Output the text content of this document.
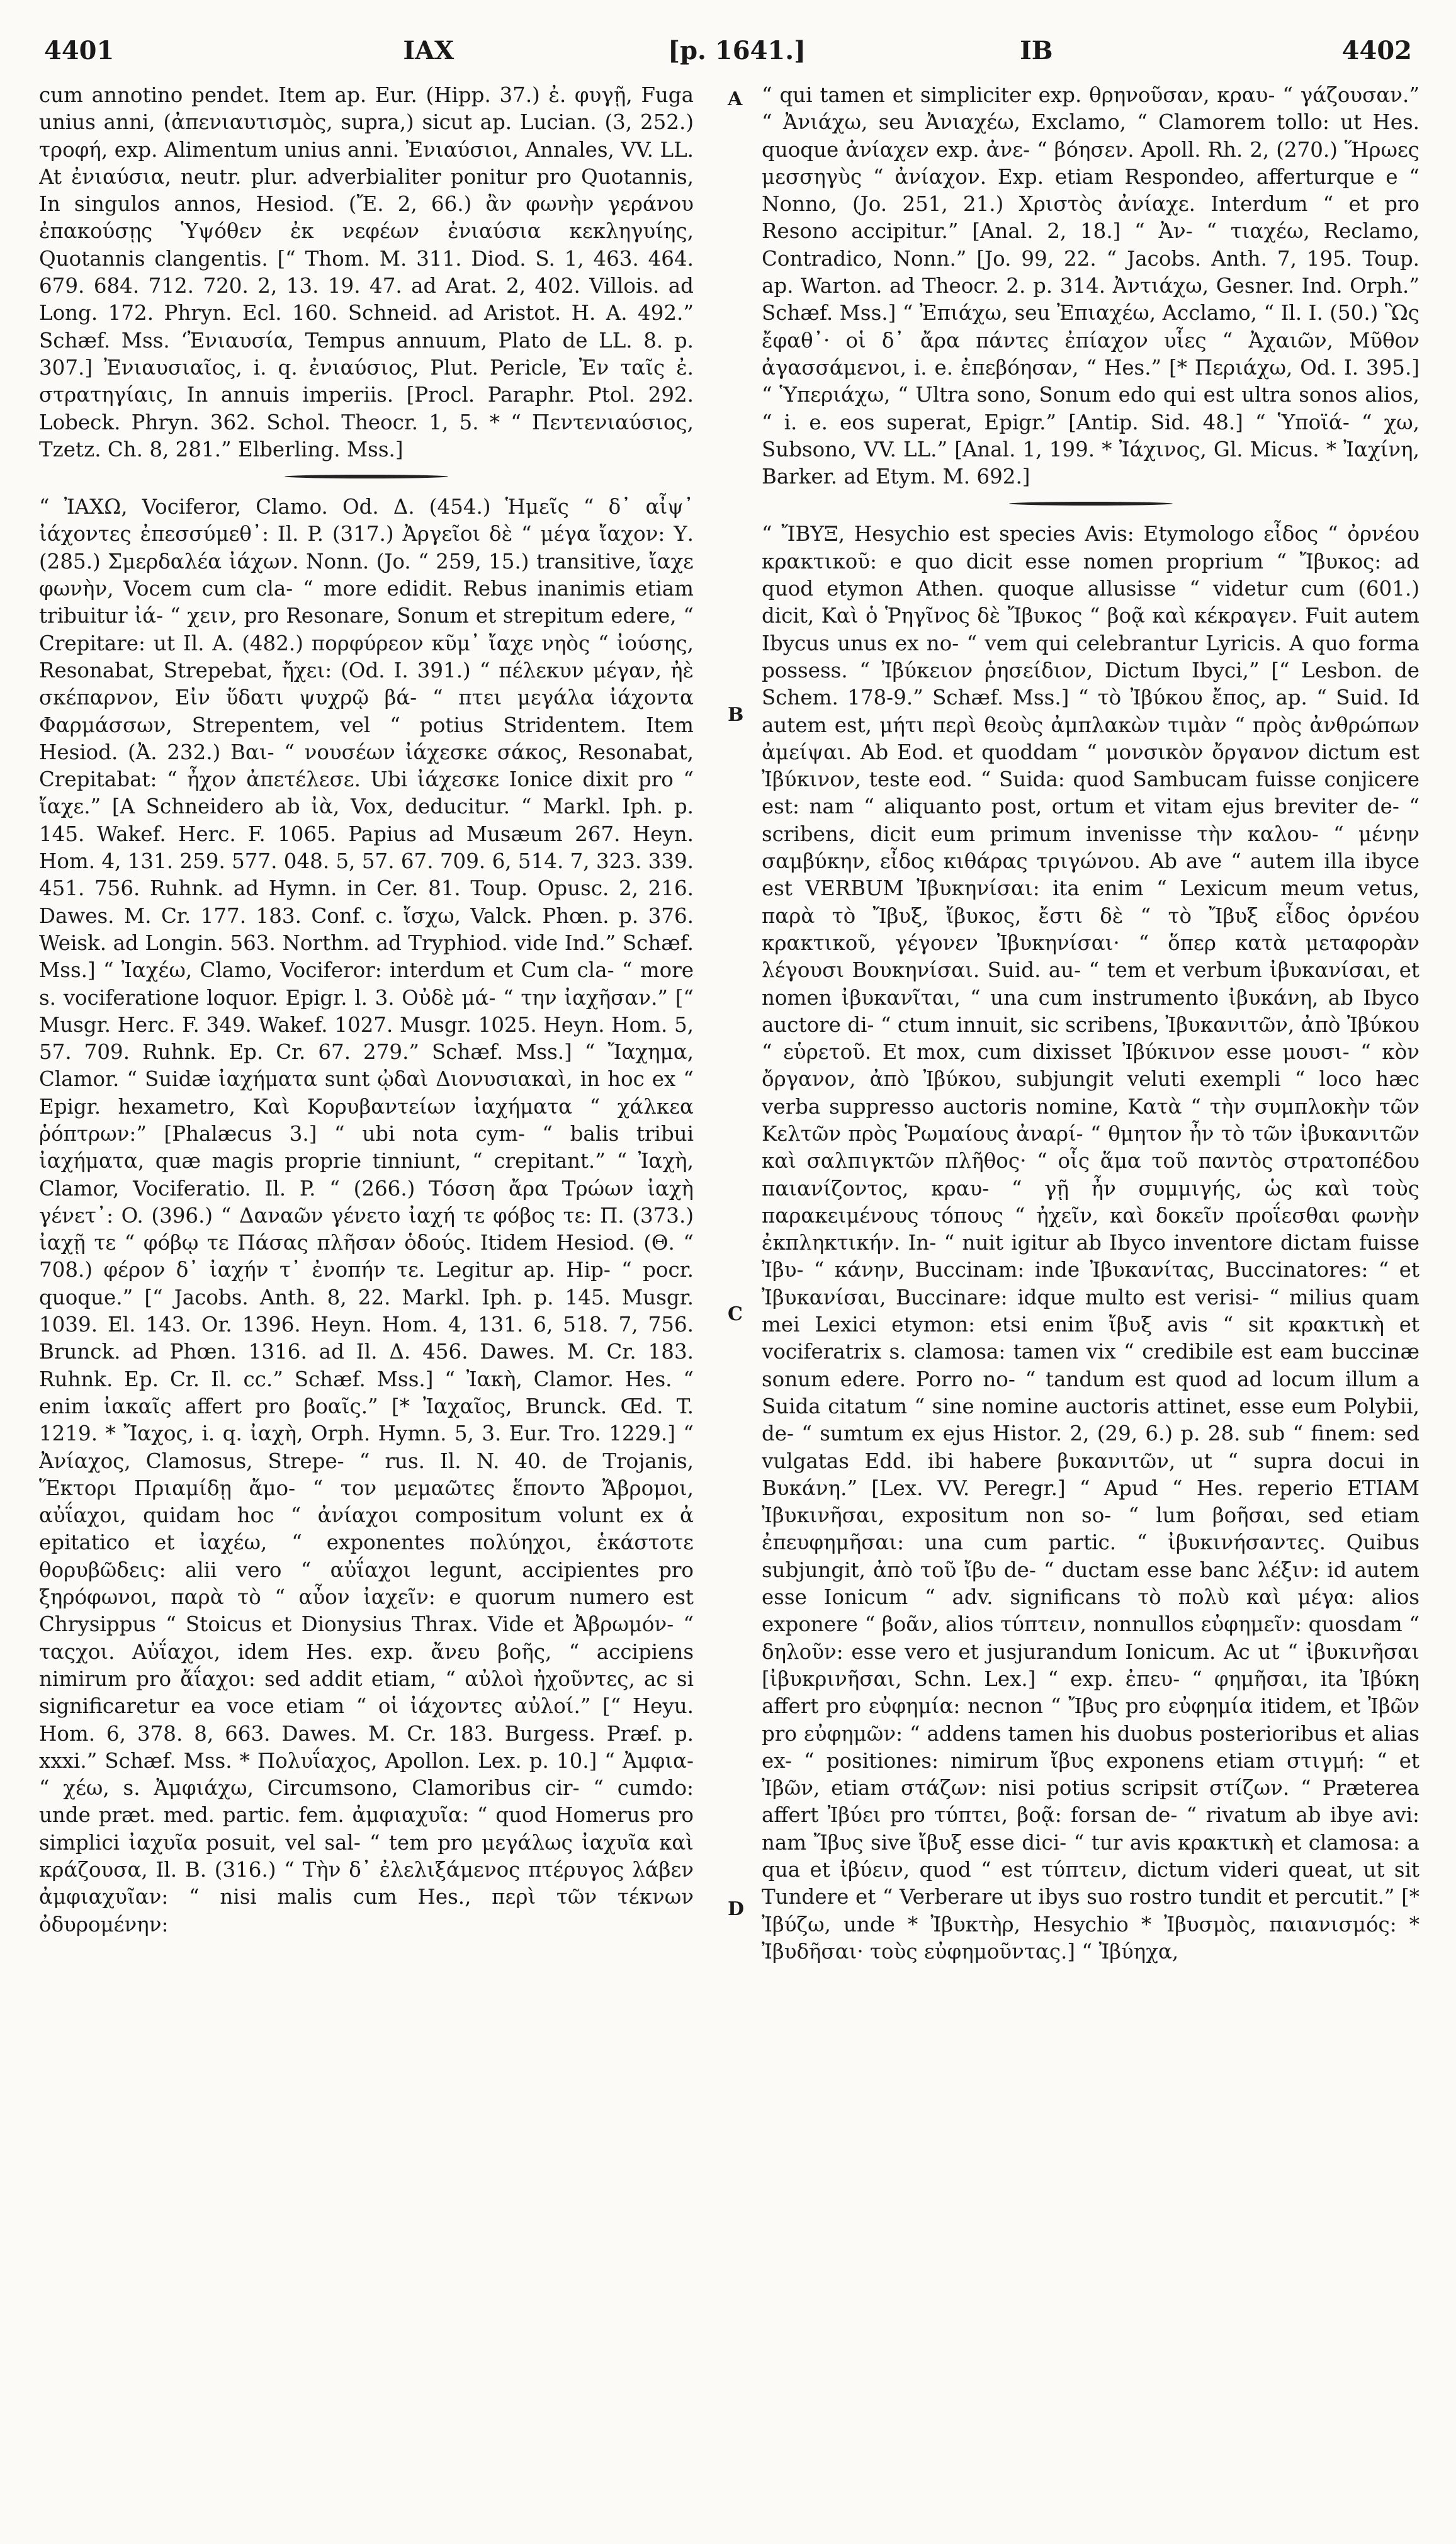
4401	IAX	[p. 1641.]	IB	4402

cum annotino pendet. Item ap. Eur. (Hipp. 37.) ἐ. φυγῇ, Fuga unius anni, (ἀπενιαυτισμὸς, supra,) sicut ap. Lucian. (3, 252.) τροφή, exp. Alimentum unius anni. Ἐνιαύσιοι, Annales, VV. LL. At ἐνιαύσια, neutr. plur. adverbialiter ponitur pro Quotannis, In singulos annos, Hesiod. (Ἔ. 2, 66.) ἂν φωνὴν γεράνου ἐπακούσῃς Ὑψόθεν ἐκ νεφέων ἐνιαύσια κεκληγυίης, Quotannis clangentis. [“ Thom. M. 311. Diod. S. 1, 463. 464. 679. 684. 712. 720. 2, 13. 19. 47. ad Arat. 2, 402. Villois. ad Long. 172. Phryn. Ecl. 160. Schneid. ad Aristot. H. A. 492.” Schæf. Mss. ‘Ἐνιαυσία, Tempus annuum, Plato de LL. 8. p. 307.] Ἐνιαυσιαῖος, i. q. ἐνιαύσιος, Plut. Pericle, Ἐν ταῖς ἐ. στρατηγίαις, In annuis imperiis. [Procl. Paraphr. Ptol. 292. Lobeck. Phryn. 362. Schol. Theocr. 1, 5. * “ Πεντενιαύσιος, Tzetz. Ch. 8, 281.” Elberling. Mss.]

“ ἸΑΧΩ, Vociferor, Clamo. Od. Δ. (454.) Ἡμεῖς “ δ᾽ αἶψ᾽ ἰάχοντες ἐπεσσύμεθ᾽: Il. P. (317.) Ἀργεῖοι δὲ “ μέγα ἴαχον: Υ. (285.) Σμερδαλέα ἰάχων. Nonn. (Jo. “ 259, 15.) transitive, ἴαχε φωνὴν, Vocem cum cla- “ more edidit. Rebus inanimis etiam tribuitur ἰά- “ χειν, pro Resonare, Sonum et strepitum edere, “ Crepitare: ut Il. A. (482.) πορφύρεον κῦμ᾽ ἴαχε νηὸς “ ἰούσης, Resonabat, Strepebat, ἤχει: (Od. I. 391.) “ πέλεκυν μέγαν, ἠὲ σκέπαρνον, Εἰν ὕδατι ψυχρῷ βά- “ πτει μεγάλα ἰάχοντα Φαρμάσσων, Strepentem, vel “ potius Stridentem. Item Hesiod. (Ἀ. 232.) Βαι- “ νουσέων ἰάχεσκε σάκος, Resonabat, Crepitabat: “ ἦχον ἀπετέλεσε. Ubi ἰάχεσκε Ionice dixit pro “ ἴαχε.” [A Schneidero ab ἰὰ, Vox, deducitur. “ Markl. Iph. p. 145. Wakef. Herc. F. 1065. Papius ad Musæum 267. Heyn. Hom. 4, 131. 259. 577. 048. 5, 57. 67. 709. 6, 514. 7, 323. 339. 451. 756. Ruhnk. ad Hymn. in Cer. 81. Toup. Opusc. 2, 216. Dawes. M. Cr. 177. 183. Conf. c. ἴσχω, Valck. Phœn. p. 376. Weisk. ad Longin. 563. Northm. ad Tryphiod. vide Ind.” Schæf. Mss.] “ Ἰαχέω, Clamo, Vociferor: interdum et Cum cla- “ more s. vociferatione loquor. Epigr. l. 3. Οὐδὲ μά- “ την ἰαχῆσαν.” [“ Musgr. Herc. F. 349. Wakef. 1027. Musgr. 1025. Heyn. Hom. 5, 57. 709. Ruhnk. Ep. Cr. 67. 279.” Schæf. Mss.] “ Ἴαχημα, Clamor. “ Suidæ ἰαχήματα sunt ᾠδαὶ Διονυσιακαὶ, in hoc ex “ Epigr. hexametro, Καὶ Κορυβαντείων ἰαχήματα “ χάλκεα ῥόπτρων:” [Phalæcus 3.] “ ubi nota cym- “ balis tribui ἰαχήματα, quæ magis proprie tinniunt, “ crepitant.” “ Ἰαχὴ, Clamor, Vociferatio. Il. P. “ (266.) Τόσση ἄρα Τρώων ἰαχὴ γένετ᾽: O. (396.) “ Δαναῶν γένετο ἰαχή τε φόβος τε: Π. (373.) ἰαχῇ τε “ φόβῳ τε Πάσας πλῆσαν ὁδούς. Itidem Hesiod. (Θ. “ 708.) φέρον δ᾽ ἰαχήν τ᾽ ἐνοπήν τε. Legitur ap. Hip- “ pocr. quoque.” [“ Jacobs. Anth. 8, 22. Markl. Iph. p. 145. Musgr. 1039. El. 143. Or. 1396. Heyn. Hom. 4, 131. 6, 518. 7, 756. Brunck. ad Phœn. 1316. ad Il. Δ. 456. Dawes. M. Cr. 183. Ruhnk. Ep. Cr. Il. cc.” Schæf. Mss.] “ Ἰακὴ, Clamor. Hes. “ enim ἰακαῖς affert pro βοαῖς.” [* Ἰαχαῖος, Brunck. Œd. T. 1219. * Ἴαχος, i. q. ἰαχὴ, Orph. Hymn. 5, 3. Eur. Tro. 1229.] “ Ἀνίαχος, Clamosus, Strepe- “ rus. Il. N. 40. de Trojanis, Ἕκτορι Πριαμίδῃ ἄμο- “ τον μεμαῶτες ἕποντο Ἄβρομοι, αὐΐαχοι, quidam hoc “ ἀνίαχοι compositum volunt ex ἀ epitatico et ἰαχέω, “ exponentes πολύηχοι, ἑκάστοτε θορυβῶδεις: alii vero “ αὐΐαχοι legunt, accipientes pro ξηρόφωνοι, παρὰ τὸ “ αὖον ἰαχεῖν: e quorum numero est Chrysippus “ Stoicus et Dionysius Thrax. Vide et Ἀβρωμόν- “ ταςχοι. Αὐΐαχοι, idem Hes. exp. ἄνευ βοῆς, “ accipiens nimirum pro ἄΐαχοι: sed addit etiam, “ αὐλοὶ ἠχοῦντες, ac si significaretur ea voce etiam “ οἱ ἰάχοντες αὐλοί.” [“ Heyu. Hom. 6, 378. 8, 663. Dawes. M. Cr. 183. Burgess. Præf. p. xxxi.” Schæf. Mss. * Πολυΐαχος, Apollon. Lex. p. 10.] “ Ἀμφια- “ χέω, s. Ἀμφιάχω, Circumsono, Clamoribus cir- “ cumdo: unde præt. med. partic. fem. ἀμφιαχυῖα: “ quod Homerus pro simplici ἰαχυῖα posuit, vel sal- “ tem pro μεγάλως ἰαχυῖα καὶ κράζουσα, Il. B. (316.) “ Τὴν δ᾽ ἐλελιξάμενος πτέρυγος λάβεν ἀμφιαχυῖαν: “ nisi malis cum Hes., περὶ τῶν τέκνων ὀδυρομένην:

A
B
C
D

“ qui tamen et simpliciter exp. θρηνοῦσαν, κραυ- “ γάζουσαν.” “ Ἀνιάχω, seu Ἀνιαχέω, Exclamo, “ Clamorem tollo: ut Hes. quoque ἀνίαχεν exp. ἀνε- “ βόησεν. Apoll. Rh. 2, (270.) Ἥρωες μεσσηγὺς “ ἀνίαχον. Exp. etiam Respondeo, afferturque e “ Nonno, (Jo. 251, 21.) Χριστὸς ἀνίαχε. Interdum “ et pro Resono accipitur.” [Anal. 2, 18.] “ Ἀν- “ τιαχέω, Reclamo, Contradico, Nonn.” [Jo. 99, 22. “ Jacobs. Anth. 7, 195. Toup. ap. Warton. ad Theocr. 2. p. 314. Ἀντιάχω, Gesner. Ind. Orph.” Schæf. Mss.] “ Ἐπιάχω, seu Ἐπιαχέω, Acclamo, “ Il. I. (50.) Ὣς ἔφαθ᾽· οἱ δ᾽ ἄρα πάντες ἐπίαχον υἷες “ Ἀχαιῶν, Μῦθον ἀγασσάμενοι, i. e. ἐπεβόησαν, “ Hes.” [* Περιάχω, Od. I. 395.] “ Ὑπεριάχω, “ Ultra sono, Sonum edo qui est ultra sonos alios, “ i. e. eos superat, Epigr.” [Antip. Sid. 48.] “ Ὑποϊά- “ χω, Subsono, VV. LL.” [Anal. 1, 199. * Ἰάχινος, Gl. Micus. * Ἰαχίνη, Barker. ad Etym. M. 692.]

“ ἼΒΥΞ, Hesychio est species Avis: Etymologo εἶδος “ ὀρνέου κρακτικοῦ: e quo dicit esse nomen proprium “ Ἴβυκος: ad quod etymon Athen. quoque allusisse “ videtur cum (601.) dicit, Καὶ ὁ Ῥηγῖνος δὲ Ἴβυκος “ βοᾷ καὶ κέκραγεν. Fuit autem Ibycus unus ex no- “ vem qui celebrantur Lyricis. A quo forma possess. “ Ἰβύκειον ῥησείδιον, Dictum Ibyci,” [“ Lesbon. de Schem. 178-9.” Schæf. Mss.] “ τὸ Ἰβύκου ἔπος, ap. “ Suid. Id autem est, μήτι περὶ θεοὺς ἀμπλακὼν τιμὰν “ πρὸς ἀνθρώπων ἀμείψαι. Ab Eod. et quoddam “ μονσικὸν ὄργανον dictum est Ἰβύκινον, teste eod. “ Suida: quod Sambucam fuisse conjicere est: nam “ aliquanto post, ortum et vitam ejus breviter de- “ scribens, dicit eum primum invenisse τὴν καλου- “ μένην σαμβύκην, εἶδος κιθάρας τριγώνου. Ab ave “ autem illa ibyce est VERBUM Ἰβυκηνίσαι: ita enim “ Lexicum meum vetus, παρὰ τὸ Ἴβυξ, ἴβυκος, ἔστι δὲ “ τὸ Ἴβυξ εἶδος ὀρνέου κρακτικοῦ, γέγονεν Ἰβυκηνίσαι· “ ὅπερ κατὰ μεταφορὰν λέγουσι Βουκηνίσαι. Suid. au- “ tem et verbum ἰβυκανίσαι, et nomen ἰβυκανῖται, “ una cum instrumento ἰβυκάνη, ab Ibyco auctore di- “ ctum innuit, sic scribens, Ἰβυκανιτῶν, ἀπὸ Ἰβύκου “ εὑρετοῦ. Et mox, cum dixisset Ἰβύκινον esse μουσι- “ κὸν ὄργανον, ἀπὸ Ἰβύκου, subjungit veluti exempli “ loco hæc verba suppresso auctoris nomine, Κατὰ “ τὴν συμπλοκὴν τῶν Κελτῶν πρὸς Ῥωμαίους ἀναρί- “ θμητον ἦν τὸ τῶν ἰβυκανιτῶν καὶ σαλπιγκτῶν πλῆθος· “ οἷς ἅμα τοῦ παντὸς στρατοπέδου παιανίζοντος, κραυ- “ γῇ ἦν συμμιγής, ὡς καὶ τοὺς παρακειμένους τόπους “ ἠχεῖν, καὶ δοκεῖν προΐεσθαι φωνὴν ἐκπληκτικήν. In- “ nuit igitur ab Ibyco inventore dictam fuisse Ἰβυ- “ κάνην, Buccinam: inde Ἰβυκανίτας, Buccinatores: “ et Ἰβυκανίσαι, Buccinare: idque multo est verisi- “ milius quam mei Lexici etymon: etsi enim ἴβυξ avis “ sit κρακτικὴ et vociferatrix s. clamosa: tamen vix “ credibile est eam buccinæ sonum edere. Porro no- “ tandum est quod ad locum illum a Suida citatum “ sine nomine auctoris attinet, esse eum Polybii, de- “ sumtum ex ejus Histor. 2, (29, 6.) p. 28. sub “ finem: sed vulgatas Edd. ibi habere βυκανιτῶν, ut “ supra docui in Βυκάνη.” [Lex. VV. Peregr.] “ Apud “ Hes. reperio ETIAM Ἰβυκινῆσαι, expositum non so- “ lum βοῆσαι, sed etiam ἐπευφημῆσαι: una cum partic. “ ἰβυκινήσαντες. Quibus subjungit, ἀπὸ τοῦ ἴβυ de- “ ductam esse banc λέξιν: id autem esse Ionicum “ adv. significans τὸ πολὺ καὶ μέγα: alios exponere “ βοᾶν, alios τύπτειν, nonnullos εὐφημεῖν: quosdam “ δηλοῦν: esse vero et jusjurandum Ionicum. Ac ut “ ἰβυκινῆσαι [ἰβυκρινῆσαι, Schn. Lex.] “ exp. ἐπευ- “ φημῆσαι, ita Ἰβύκη affert pro εὐφημία: necnon “ Ἴβυς pro εὐφημία itidem, et Ἰβῶν pro εὐφημῶν: “ addens tamen his duobus posterioribus et alias ex- “ positiones: nimirum ἴβυς exponens etiam στιγμή: “ et Ἰβῶν, etiam στάζων: nisi potius scripsit στίζων. “ Præterea affert Ἰβύει pro τύπτει, βοᾷ: forsan de- “ rivatum ab ibye avi: nam Ἴβυς sive ἴβυξ esse dici- “ tur avis κρακτικὴ et clamosa: a qua et ἰβύειν, quod “ est τύπτειν, dictum videri queat, ut sit Tundere et “ Verberare ut ibys suo rostro tundit et percutit.” [* Ἰβύζω, unde * Ἰβυκτὴρ, Hesychio * Ἰβυσμὸς, παιανισμός: * Ἰβυδῆσαι· τοὺς εὐφημοῦντας.] “ Ἰβύηχα,
